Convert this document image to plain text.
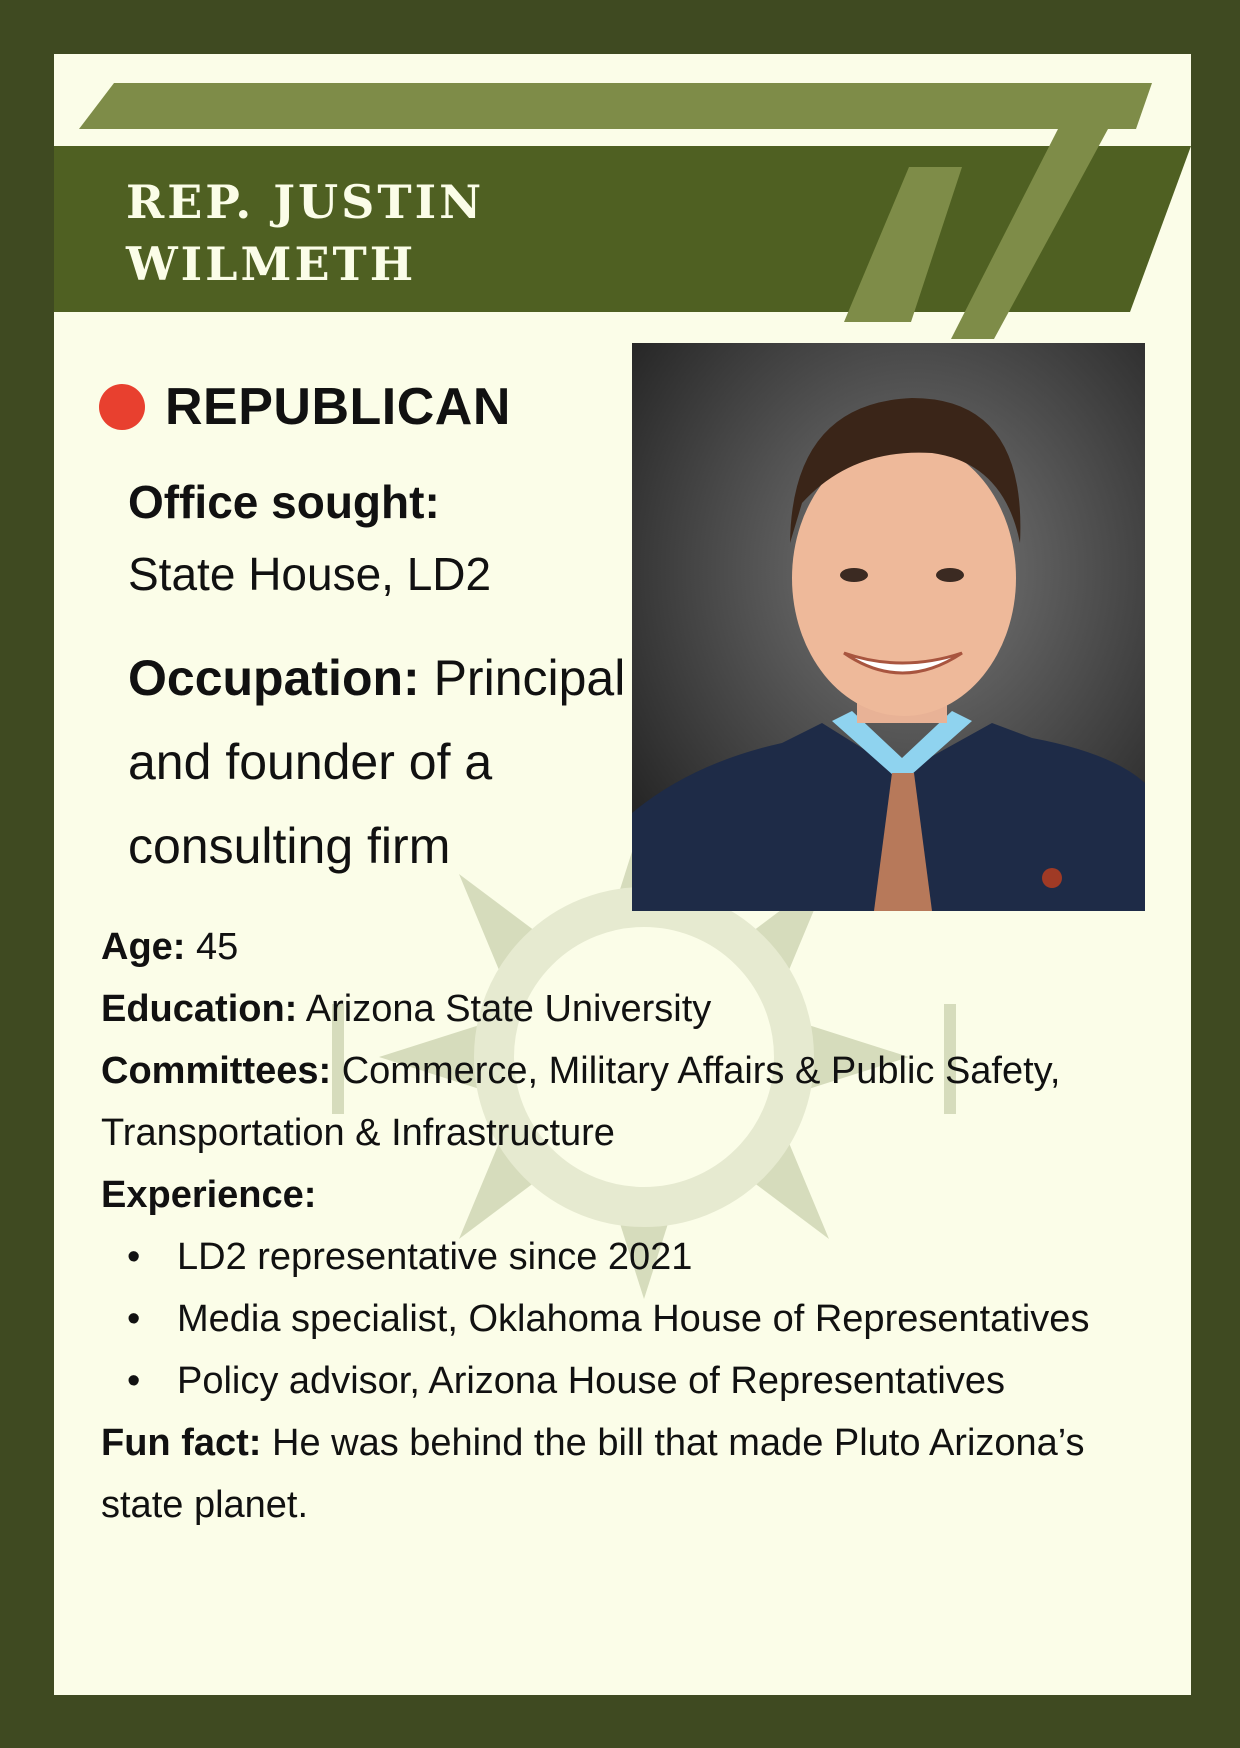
REP. JUSTIN
WILMETH
REPUBLICAN
Office sought:
State House, LD2
Occupation: Principal and founder of a consulting firm

Age: 45

Education: Arizona State University

Committees: Commerce, Military Affairs & Public Safety, Transportation & Infrastructure

Experience:

• LD2 representative since 2021
• Media specialist, Oklahoma House of Representatives
• Policy advisor, Arizona House of Representatives

Fun fact: He was behind the bill that made Pluto Arizona’s state planet.
